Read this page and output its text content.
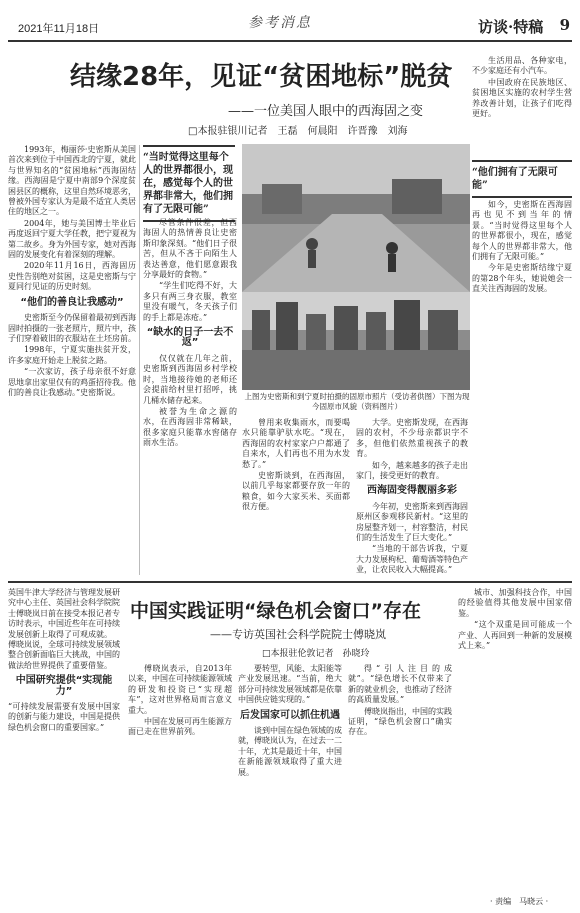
2021年11月18日	参考消息	访谈·特稿 9
结缘28年，见证“贫困地标”脱贫
——一位美国人眼中的西海固之变
□本报驻银川记者　王磊　何晨阳　许晋豫　刘海

1993年，梅丽莎·史密斯从美国首次来到位于中国西北的宁夏，就此与世界知名的“贫困地标”西海固结缘。西海固是宁夏中南部9个深度贫困县区的概称，这里自然环境恶劣，曾被外国专家认为是最不适宜人类居住的地区之一。

2004年，她与美国博士毕业后再度返回宁夏大学任教，把宁夏视为第二故乡。身为外国专家，她对西海固的发展变化有着深刻的理解。

2020年11月16日，西海固历史性告别绝对贫困，这是史密斯与宁夏同行见证的历史时刻。

“他们的善良让我感动”

史密斯至今仍保留着最初到西海固时拍摄的一张老照片，照片中，孩子们穿着破旧的衣服站在土坯房前。

1998年，宁夏实施扶贫开发，许多家庭开始走上脱贫之路。

“一次家访，孩子母亲很不好意思地拿出家里仅有的鸡蛋招待我。他们的善良让我感动。”史密斯说。

“当时觉得这里每个人的世界都很小，现在，感觉每个人的世界都非常大，他们拥有了无限可能”

尽管条件很差，但西海固人的热情善良让史密斯印象深刻。“他们日子很苦，但从不吝于向陌生人表达善意，他们愿意跟我分享最好的食物。”

“学生们吃得不好，大多只有两三身衣服，教室里没有暖气，冬天孩子们的手上都是冻疮。”

“缺水的日子一去不返”

仅仅就在几年之前，史密斯到西海固乡村学校时，当地接待她的老师还会提前给村里打招呼，挑几桶水储存起来。

被誉为生命之源的水，在西海固非常稀缺，很多家庭只能靠水窖储存雨水生活。

上图为史密斯和到宁夏时拍摄的固原市照片（受访者供图）下图为现今固原市风貌（资料图片）

曾用来收集雨水，而要喝水只能靠驴驮水吃。“现在，西海固的农村家家户户都通了自来水，人们再也不用为水发愁了。”

史密斯谈到，在西海固，以前几乎每家都要存放一年的粮食，如今大家买米、买面都很方便。

大学。史密斯发现，在西海固的农村，不少母亲都识字不多，但他们依然重视孩子的教育。

如今，越来越多的孩子走出家门，接受更好的教育。

西海固变得靓丽多彩

今年初，史密斯来到西海固原州区参观移民新村。“这里的房屋整齐划一，村容整洁，村民们的生活发生了巨大变化。”

“当地的干部告诉我，宁夏大力发展枸杞、葡萄酒等特色产业，让农民收入大幅提高。”

生活用品、各种家电，不少家庭还有小汽车。

中国政府在民族地区、贫困地区实施的农村学生营养改善计划，让孩子们吃得更好。

“他们拥有了无限可能”

如今，史密斯在西海固再也见不到当年的情景。“当时觉得这里每个人的世界都很小，现在，感觉每个人的世界都非常大，他们拥有了无限可能。”

今年是史密斯结缘宁夏的第28个年头，她说她会一直关注西海固的发展。

英国牛津大学经济与管理发展研究中心主任、英国社会科学院院士傅晓岚日前在接受本报记者专访时表示，中国近些年在可持续发展创新上取得了可观成就。

傅晓岚说，全球可持续发展领域整合创新面临巨大挑战，中国的做法给世界提供了重要借鉴。

中国研究提供“实现能力”

“可持续发展需要有发展中国家的创新与能力建设，中国是提供绿色机会窗口的重要国家。”

中国实践证明“绿色机会窗口”存在
——专访英国社会科学院院士傅晓岚
□本报驻伦敦记者　孙晓玲

傅晓岚表示，自2013年以来，中国在可持续能源领域的研发和投资已“实现超车”，这对世界格局而言意义重大。

中国在发展可再生能源方面已走在世界前列。

要转型，风能、太阳能等产业发展迅速。“当前，绝大部分可持续发展领域都是依靠中国供应链实现的。”

后发国家可以抓住机遇

谈到中国在绿色领域的成就，傅晓岚认为，在过去一二十年，尤其是最近十年，中国在新能源领域取得了重大进展。

得“引人注目的成就”。“绿色增长不仅带来了新的就业机会，也推动了经济的高质量发展。”

傅晓岚指出，中国的实践证明，“绿色机会窗口”确实存在。

城市、加强科技合作，中国的经验值得其他发展中国家借鉴。

“这个双重是回可能成一个产业、人再回到一种新的发展模式上来。”

· 责编　马晓云 ·
